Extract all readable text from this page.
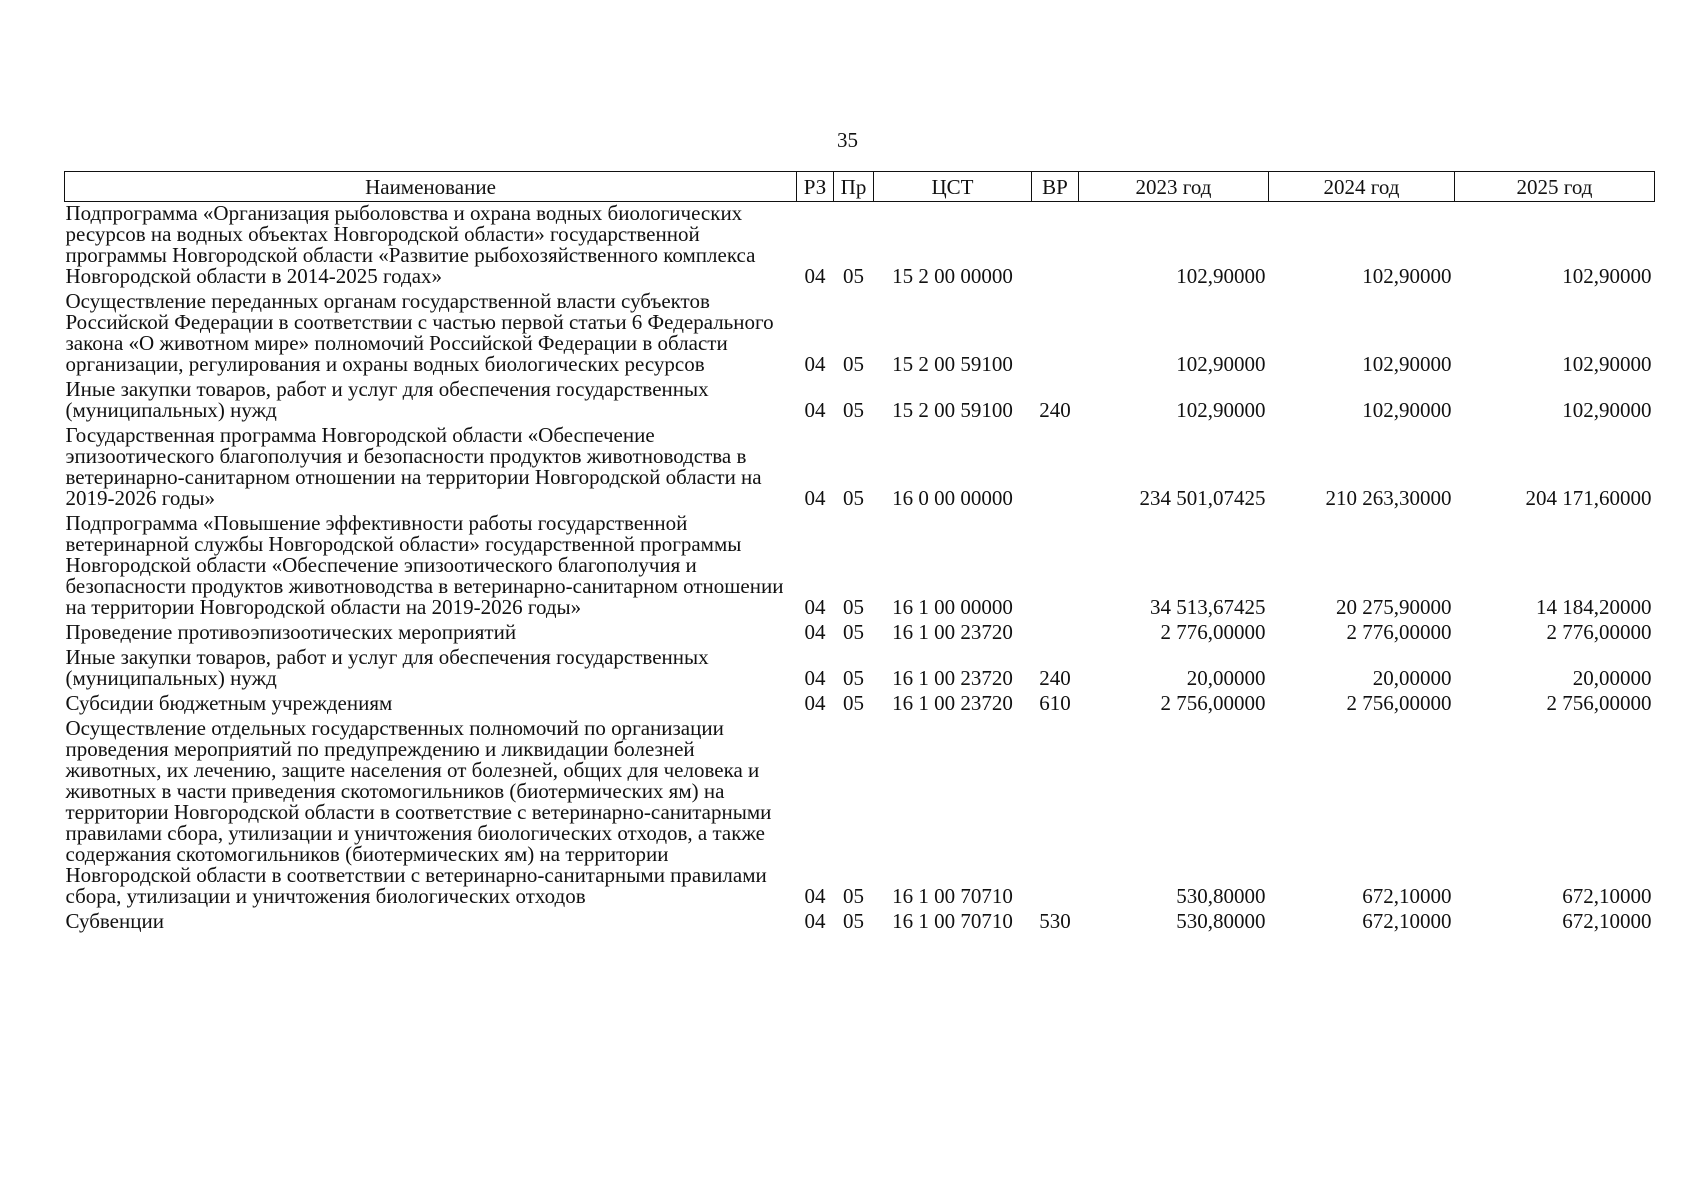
35
Наименование	РЗ	Пр	ЦСТ	ВР	2023 год	2024 год	2025 год
Подпрограмма «Организация рыболовства и охрана водных биологических ресурсов на водных объектах Новгородской области» государственной программы Новгородской области «Развитие рыбохозяйственного комплекса Новгородской области в 2014-2025 годах»	04	05	15 2 00 00000		102,90000	102,90000	102,90000
Осуществление переданных органам государственной власти субъектов Российской Федерации в соответствии с частью первой статьи 6 Федерального закона «О животном мире» полномочий Российской Федерации в области организации, регулирования и охраны водных биологических ресурсов	04	05	15 2 00 59100		102,90000	102,90000	102,90000
Иные закупки товаров, работ и услуг для обеспечения государственных (муниципальных) нужд	04	05	15 2 00 59100	240	102,90000	102,90000	102,90000
Государственная программа Новгородской области «Обеспечение эпизоотического благополучия и безопасности продуктов животноводства в ветеринарно-санитарном отношении на территории Новгородской области на 2019-2026 годы»	04	05	16 0 00 00000		234 501,07425	210 263,30000	204 171,60000
Подпрограмма «Повышение эффективности работы государственной ветеринарной службы Новгородской области» государственной программы Новгородской области «Обеспечение эпизоотического благополучия и безопасности продуктов животноводства в ветеринарно-санитарном отношении на территории Новгородской области на 2019-2026 годы»	04	05	16 1 00 00000		34 513,67425	20 275,90000	14 184,20000
Проведение противоэпизоотических мероприятий	04	05	16 1 00 23720		2 776,00000	2 776,00000	2 776,00000
Иные закупки товаров, работ и услуг для обеспечения государственных (муниципальных) нужд	04	05	16 1 00 23720	240	20,00000	20,00000	20,00000
Субсидии бюджетным учреждениям	04	05	16 1 00 23720	610	2 756,00000	2 756,00000	2 756,00000
Осуществление отдельных государственных полномочий по организации проведения мероприятий по предупреждению и ликвидации болезней животных, их лечению, защите населения от болезней, общих для человека и животных в части приведения скотомогильников (биотермических ям) на территории Новгородской области в соответствие с ветеринарно-санитарными правилами сбора, утилизации и уничтожения биологических отходов, а также содержания скотомогильников (биотермических ям) на территории Новгородской области в соответствии с ветеринарно-санитарными правилами сбора, утилизации и уничтожения биологических отходов	04	05	16 1 00 70710		530,80000	672,10000	672,10000
Субвенции	04	05	16 1 00 70710	530	530,80000	672,10000	672,10000
